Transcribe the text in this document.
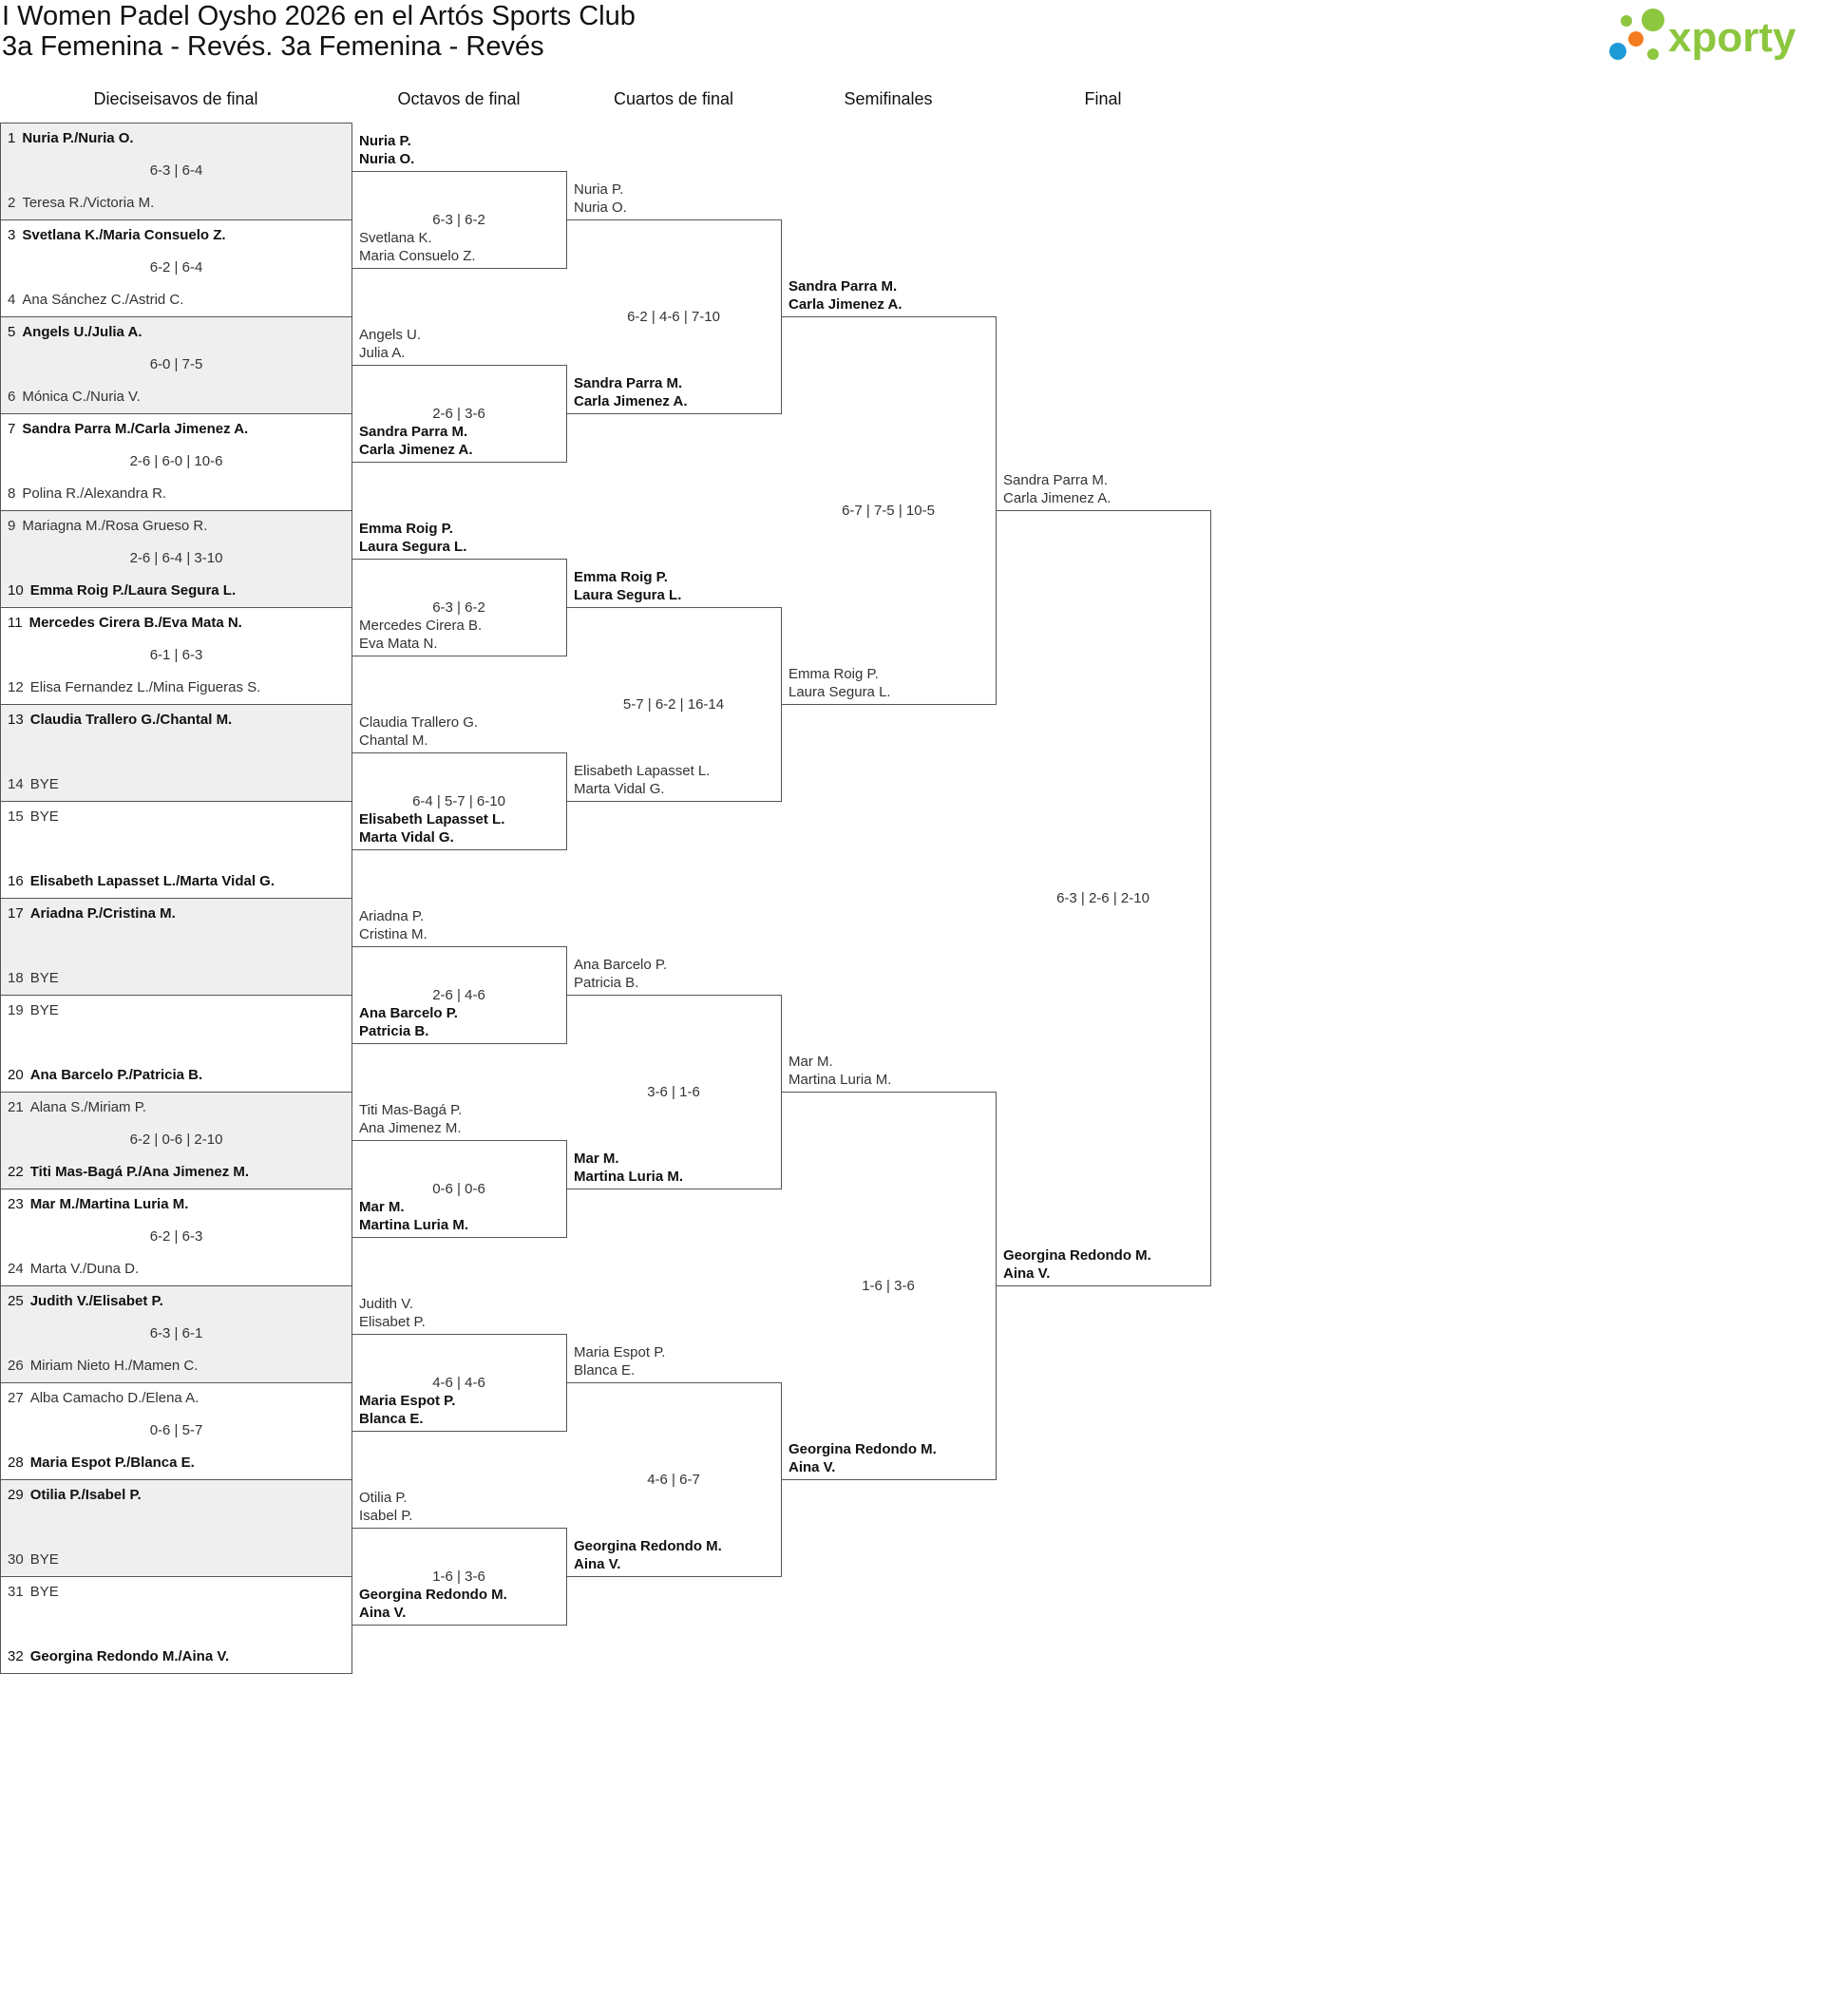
I Women Padel Oysho 2026 en el Artós Sports Club
3a Femenina - Revés. 3a Femenina - Revés	xporty
Dieciseisavos de final	Octavos de final	Cuartos de final	Semifinales	Final
1 Nuria P./Nuria O.
6-3 | 6-4
2 Teresa R./Victoria M.
3 Svetlana K./Maria Consuelo Z.
6-2 | 6-4
4 Ana Sánchez C./Astrid C.
5 Angels U./Julia A.
6-0 | 7-5
6 Mónica C./Nuria V.
7 Sandra Parra M./Carla Jimenez A.
2-6 | 6-0 | 10-6
8 Polina R./Alexandra R.
9 Mariagna M./Rosa Grueso R.
2-6 | 6-4 | 3-10
10 Emma Roig P./Laura Segura L.
11 Mercedes Cirera B./Eva Mata N.
6-1 | 6-3
12 Elisa Fernandez L./Mina Figueras S.
13 Claudia Trallero G./Chantal M.
14 BYE
15 BYE
16 Elisabeth Lapasset L./Marta Vidal G.
17 Ariadna P./Cristina M.
18 BYE
19 BYE
20 Ana Barcelo P./Patricia B.
21 Alana S./Miriam P.
6-2 | 0-6 | 2-10
22 Titi Mas-Bagá P./Ana Jimenez M.
23 Mar M./Martina Luria M.
6-2 | 6-3
24 Marta V./Duna D.
25 Judith V./Elisabet P.
6-3 | 6-1
26 Miriam Nieto H./Mamen C.
27 Alba Camacho D./Elena A.
0-6 | 5-7
28 Maria Espot P./Blanca E.
29 Otilia P./Isabel P.
30 BYE
31 BYE
32 Georgina Redondo M./Aina V.
Nuria P.
Nuria O.
Svetlana K.
Maria Consuelo Z.
6-3 | 6-2
Angels U.
Julia A.
Sandra Parra M.
Carla Jimenez A.
2-6 | 3-6
Emma Roig P.
Laura Segura L.
Mercedes Cirera B.
Eva Mata N.
6-3 | 6-2
Claudia Trallero G.
Chantal M.
Elisabeth Lapasset L.
Marta Vidal G.
6-4 | 5-7 | 6-10
Ariadna P.
Cristina M.
Ana Barcelo P.
Patricia B.
2-6 | 4-6
Titi Mas-Bagá P.
Ana Jimenez M.
Mar M.
Martina Luria M.
0-6 | 0-6
Judith V.
Elisabet P.
Maria Espot P.
Blanca E.
4-6 | 4-6
Otilia P.
Isabel P.
Georgina Redondo M.
Aina V.
1-6 | 3-6
Nuria P.
Nuria O.
Sandra Parra M.
Carla Jimenez A.
6-2 | 4-6 | 7-10
Emma Roig P.
Laura Segura L.
Elisabeth Lapasset L.
Marta Vidal G.
5-7 | 6-2 | 16-14
Ana Barcelo P.
Patricia B.
Mar M.
Martina Luria M.
3-6 | 1-6
Maria Espot P.
Blanca E.
Georgina Redondo M.
Aina V.
4-6 | 6-7
Sandra Parra M.
Carla Jimenez A.
Emma Roig P.
Laura Segura L.
6-7 | 7-5 | 10-5
Mar M.
Martina Luria M.
Georgina Redondo M.
Aina V.
1-6 | 3-6
Sandra Parra M.
Carla Jimenez A.
Georgina Redondo M.
Aina V.
6-3 | 2-6 | 2-10
